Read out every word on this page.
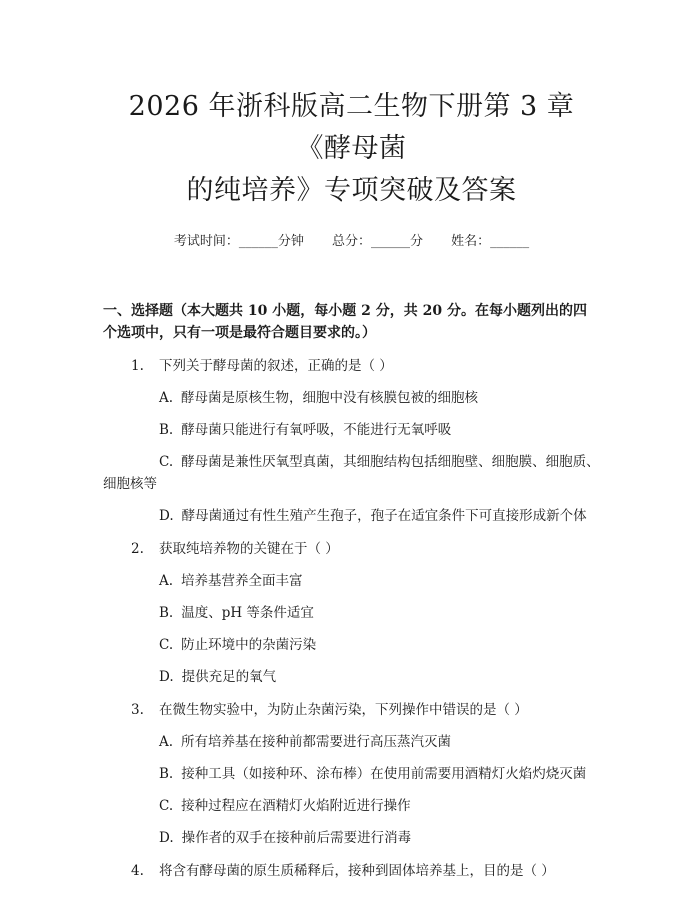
2026 年浙科版高二生物下册第 3 章《酵母菌
的纯培养》专项突破及答案
考试时间：______分钟 总分：______分 姓名：______
一、选择题（本大题共 10 小题，每小题 2 分，共 20 分。在每小题列出的四个选项中，只有一项是最符合题目要求的。）
1.	下列关于酵母菌的叙述，正确的是（ ）
A. 酵母菌是原核生物，细胞中没有核膜包被的细胞核
B. 酵母菌只能进行有氧呼吸，不能进行无氧呼吸
C. 酵母菌是兼性厌氧型真菌，其细胞结构包括细胞壁、细胞膜、细胞质、细胞核等
D. 酵母菌通过有性生殖产生孢子，孢子在适宜条件下可直接形成新个体
2.	获取纯培养物的关键在于（ ）
A. 培养基营养全面丰富
B. 温度、pH 等条件适宜
C. 防止环境中的杂菌污染
D. 提供充足的氧气
3.	在微生物实验中，为防止杂菌污染，下列操作中错误的是（ ）
A. 所有培养基在接种前都需要进行高压蒸汽灭菌
B. 接种工具（如接种环、涂布棒）在使用前需要用酒精灯火焰灼烧灭菌
C. 接种过程应在酒精灯火焰附近进行操作
D. 操作者的双手在接种前后需要进行消毒
4.	将含有酵母菌的原生质稀释后，接种到固体培养基上，目的是（ ）
